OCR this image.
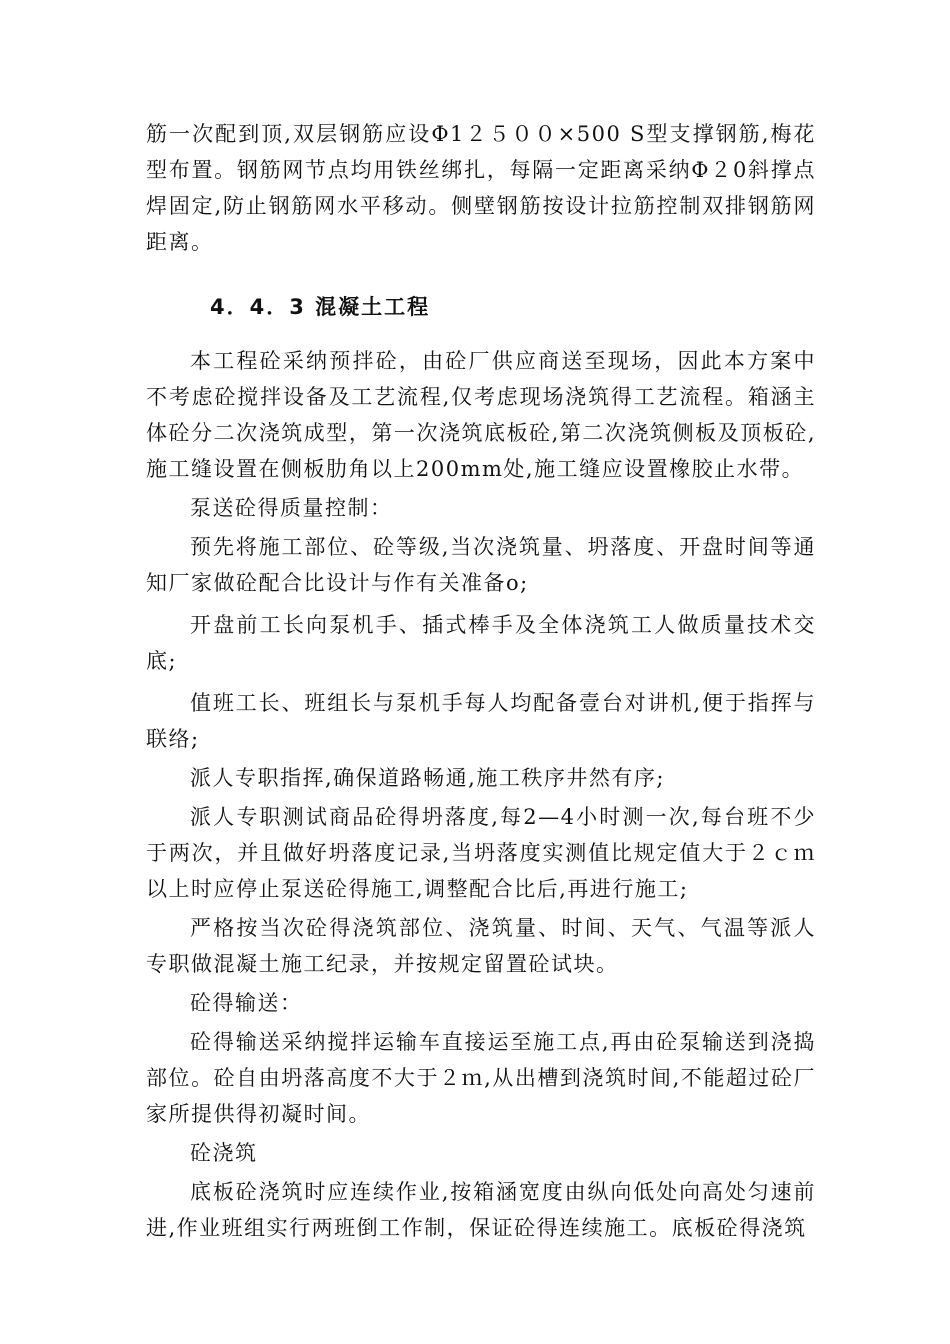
筋一次配到顶,双层钢筋应设Φ1２５００×500 S型支撑钢筋,梅花型布置。钢筋网节点均用铁丝绑扎，每隔一定距离采纳Φ２0斜撑点焊固定,防止钢筋网水平移动。侧壁钢筋按设计拉筋控制双排钢筋网距离。

4．4．3 混凝土工程

本工程砼采纳预拌砼，由砼厂供应商送至现场，因此本方案中不考虑砼搅拌设备及工艺流程,仅考虑现场浇筑得工艺流程。箱涵主体砼分二次浇筑成型，第一次浇筑底板砼,第二次浇筑侧板及顶板砼,施工缝设置在侧板肋角以上200mm处,施工缝应设置橡胶止水带。

泵送砼得质量控制：

预先将施工部位、砼等级,当次浇筑量、坍落度、开盘时间等通知厂家做砼配合比设计与作有关准备o;

开盘前工长向泵机手、插式棒手及全体浇筑工人做质量技术交底;

值班工长、班组长与泵机手每人均配备壹台对讲机,便于指挥与联络;

派人专职指挥,确保道路畅通,施工秩序井然有序;

派人专职测试商品砼得坍落度,每2—4小时测一次,每台班不少于两次，并且做好坍落度记录,当坍落度实测值比规定值大于２ｃｍ以上时应停止泵送砼得施工,调整配合比后,再进行施工;

严格按当次砼得浇筑部位、浇筑量、时间、天气、气温等派人专职做混凝土施工纪录，并按规定留置砼试块。

砼得输送：

砼得输送采纳搅拌运输车直接运至施工点,再由砼泵输送到浇捣部位。砼自由坍落高度不大于２ｍ,从出槽到浇筑时间,不能超过砼厂家所提供得初凝时间。

砼浇筑

底板砼浇筑时应连续作业,按箱涵宽度由纵向低处向高处匀速前进,作业班组实行两班倒工作制，保证砼得连续施工。底板砼得浇筑
